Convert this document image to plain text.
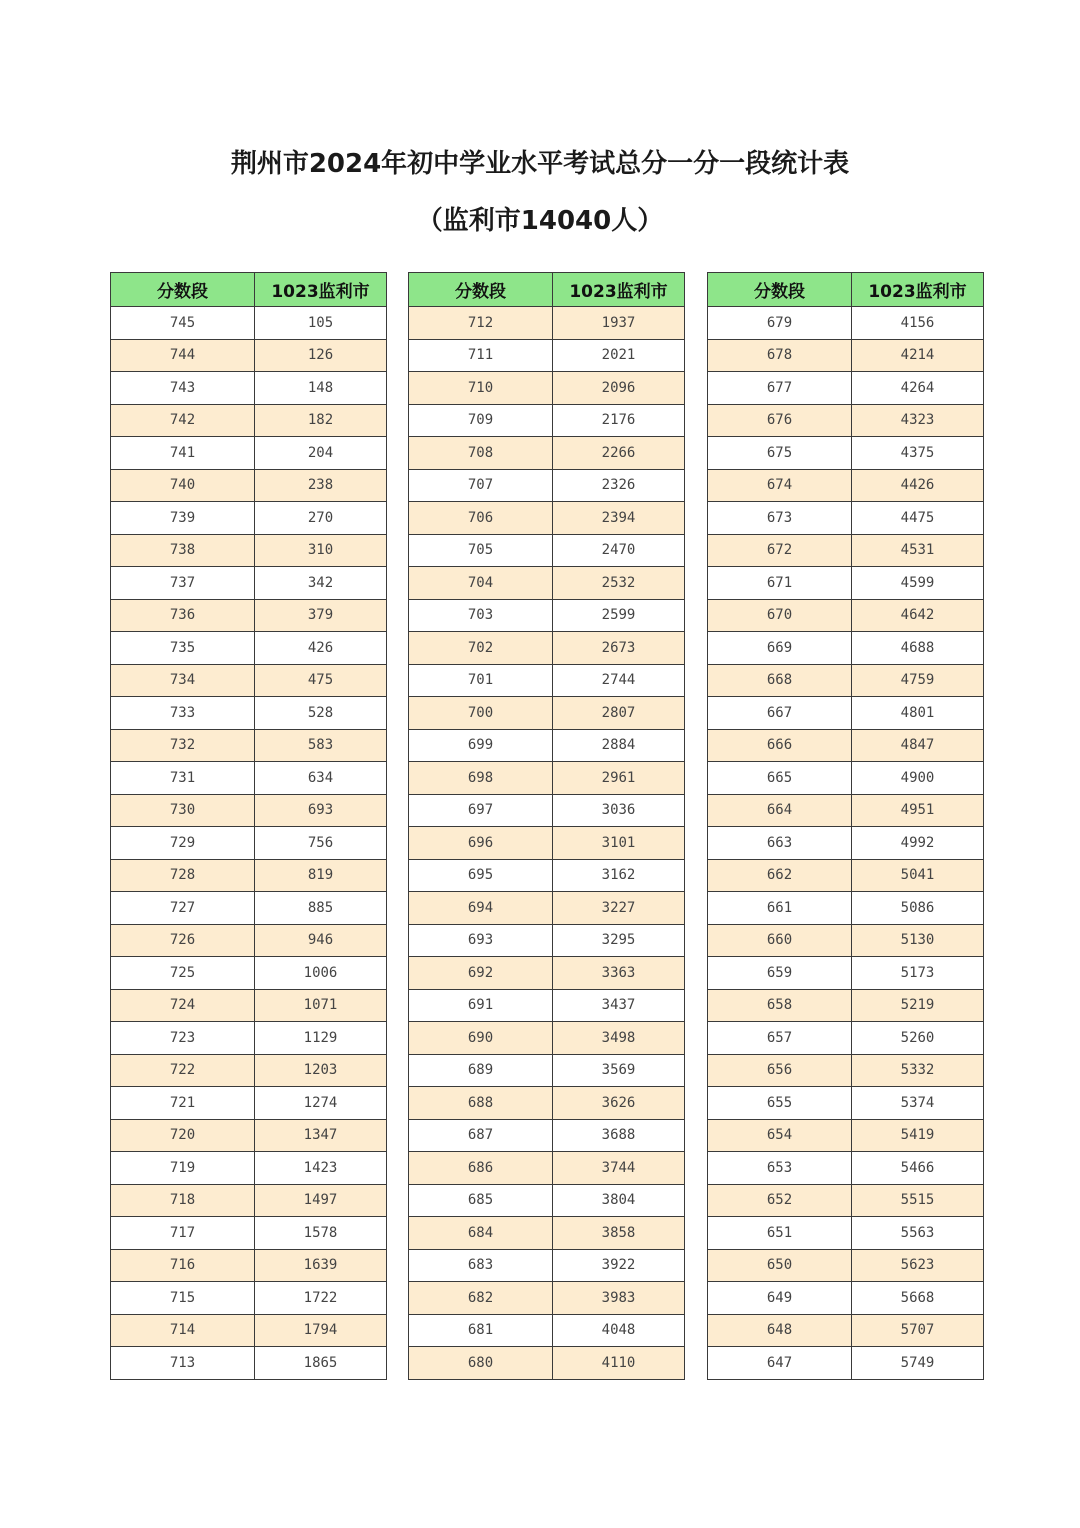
荆州市2024年初中学业水平考试总分一分一段统计表
（监利市14040人）
分数段	1023监利市
745	105
744	126
743	148
742	182
741	204
740	238
739	270
738	310
737	342
736	379
735	426
734	475
733	528
732	583
731	634
730	693
729	756
728	819
727	885
726	946
725	1006
724	1071
723	1129
722	1203
721	1274
720	1347
719	1423
718	1497
717	1578
716	1639
715	1722
714	1794
713	1865
分数段	1023监利市
712	1937
711	2021
710	2096
709	2176
708	2266
707	2326
706	2394
705	2470
704	2532
703	2599
702	2673
701	2744
700	2807
699	2884
698	2961
697	3036
696	3101
695	3162
694	3227
693	3295
692	3363
691	3437
690	3498
689	3569
688	3626
687	3688
686	3744
685	3804
684	3858
683	3922
682	3983
681	4048
680	4110
分数段	1023监利市
679	4156
678	4214
677	4264
676	4323
675	4375
674	4426
673	4475
672	4531
671	4599
670	4642
669	4688
668	4759
667	4801
666	4847
665	4900
664	4951
663	4992
662	5041
661	5086
660	5130
659	5173
658	5219
657	5260
656	5332
655	5374
654	5419
653	5466
652	5515
651	5563
650	5623
649	5668
648	5707
647	5749
